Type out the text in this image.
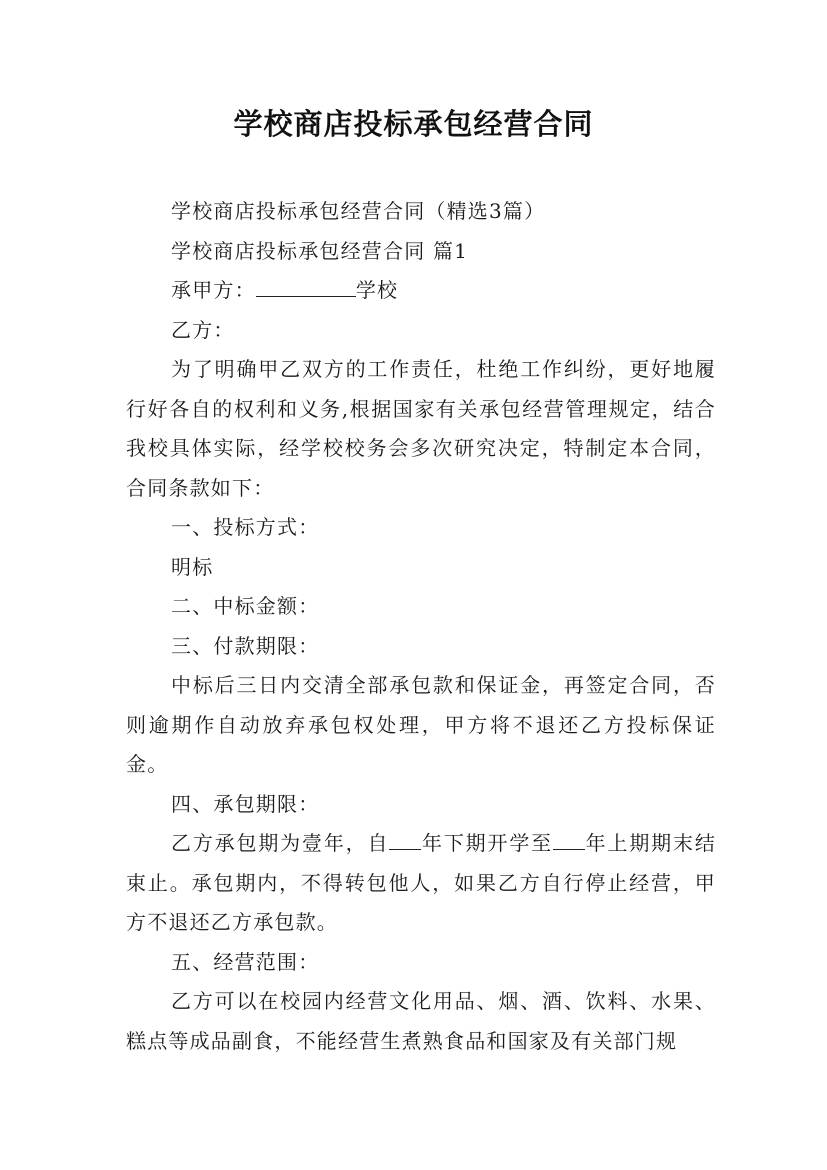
学校商店投标承包经营合同

学校商店投标承包经营合同（精选3篇）

学校商店投标承包经营合同 篇1

承甲方：	学校

乙方：

为了明确甲乙双方的工作责任，杜绝工作纠纷，更好地履行好各自的权利和义务,根据国家有关承包经营管理规定，结合我校具体实际，经学校校务会多次研究决定，特制定本合同，合同条款如下：

一、投标方式：

明标

二、中标金额：

三、付款期限：

中标后三日内交清全部承包款和保证金，再签定合同，否则逾期作自动放弃承包权处理，甲方将不退还乙方投标保证金。

四、承包期限：

乙方承包期为壹年，自 年下期开学至 年上期期末结束止。承包期内，不得转包他人，如果乙方自行停止经营，甲方不退还乙方承包款。

五、经营范围：

乙方可以在校园内经营文化用品、烟、酒、饮料、水果、糕点等成品副食，不能经营生煮熟食品和国家及有关部门规
